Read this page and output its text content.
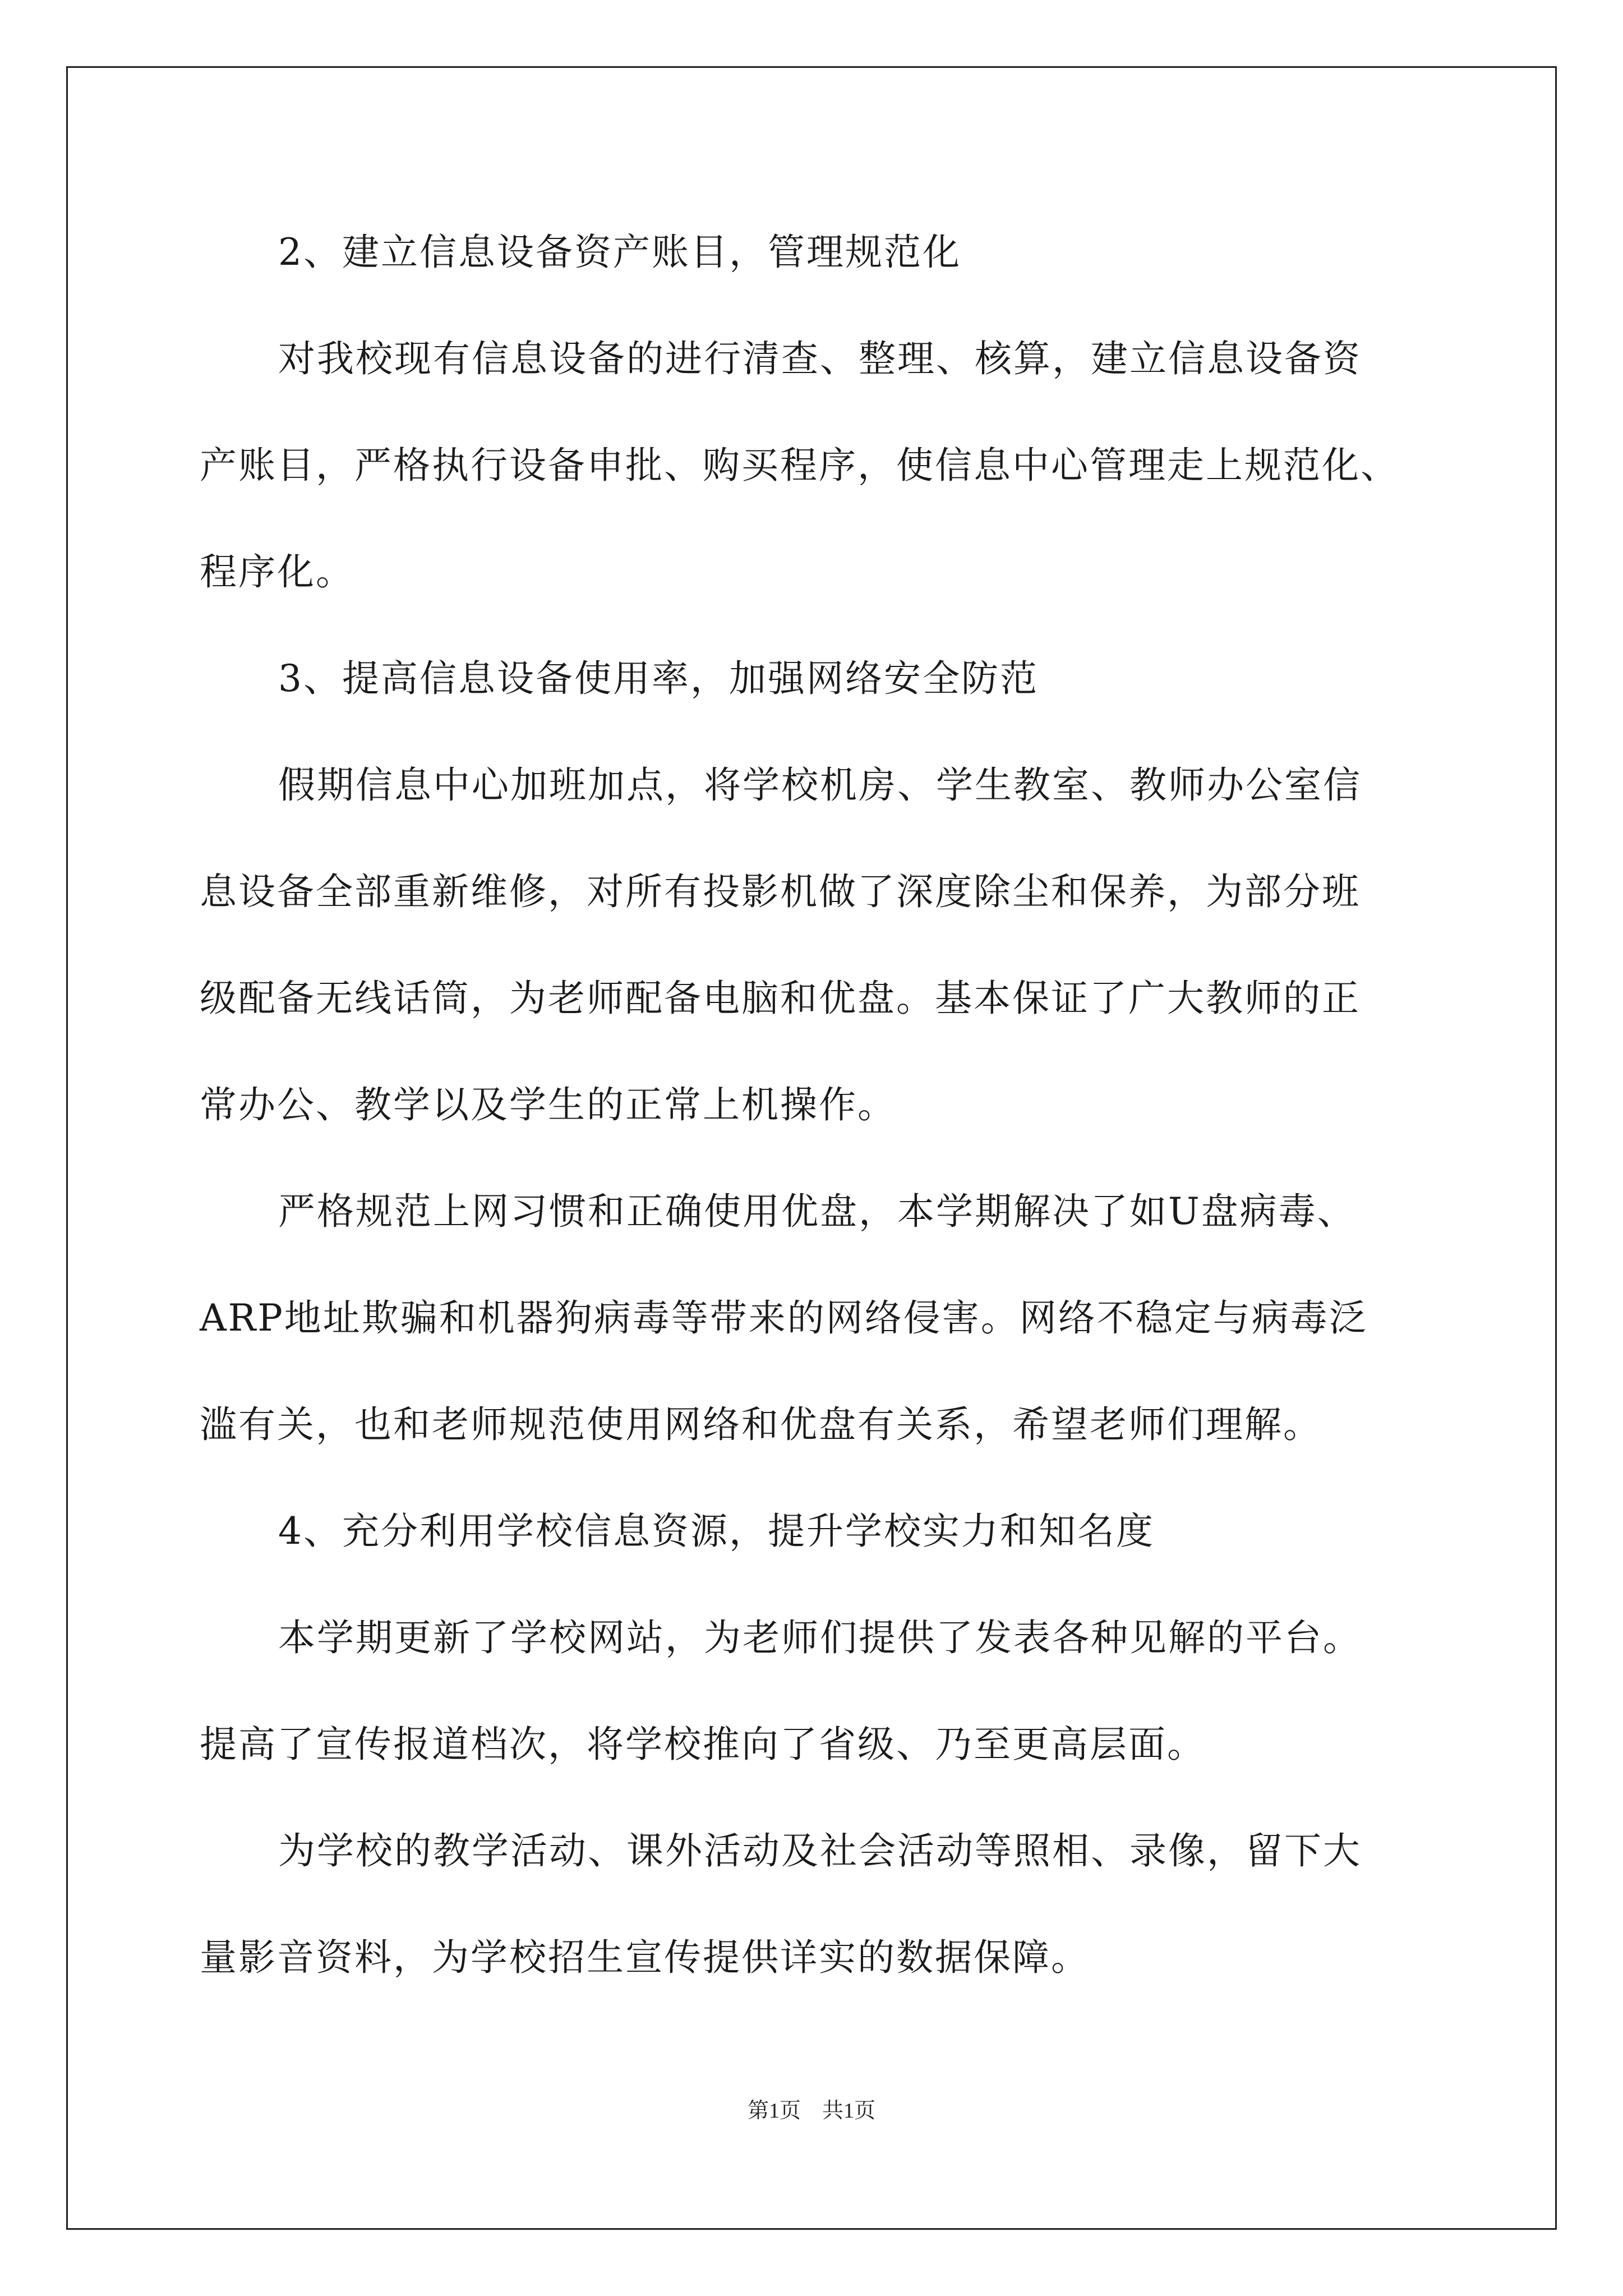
2、建立信息设备资产账目，管理规范化
对我校现有信息设备的进行清查、整理、核算，建立信息设备资
产账目，严格执行设备申批、购买程序，使信息中心管理走上规范化、
程序化。
3、提高信息设备使用率，加强网络安全防范
假期信息中心加班加点，将学校机房、学生教室、教师办公室信
息设备全部重新维修，对所有投影机做了深度除尘和保养，为部分班
级配备无线话筒，为老师配备电脑和优盘。基本保证了广大教师的正
常办公、教学以及学生的正常上机操作。
严格规范上网习惯和正确使用优盘，本学期解决了如U盘病毒、
ARP地址欺骗和机器狗病毒等带来的网络侵害。网络不稳定与病毒泛
滥有关，也和老师规范使用网络和优盘有关系，希望老师们理解。
4、充分利用学校信息资源，提升学校实力和知名度
本学期更新了学校网站，为老师们提供了发表各种见解的平台。
提高了宣传报道档次，将学校推向了省级、乃至更高层面。
为学校的教学活动、课外活动及社会活动等照相、录像，留下大
量影音资料，为学校招生宣传提供详实的数据保障。
第1页　共1页
